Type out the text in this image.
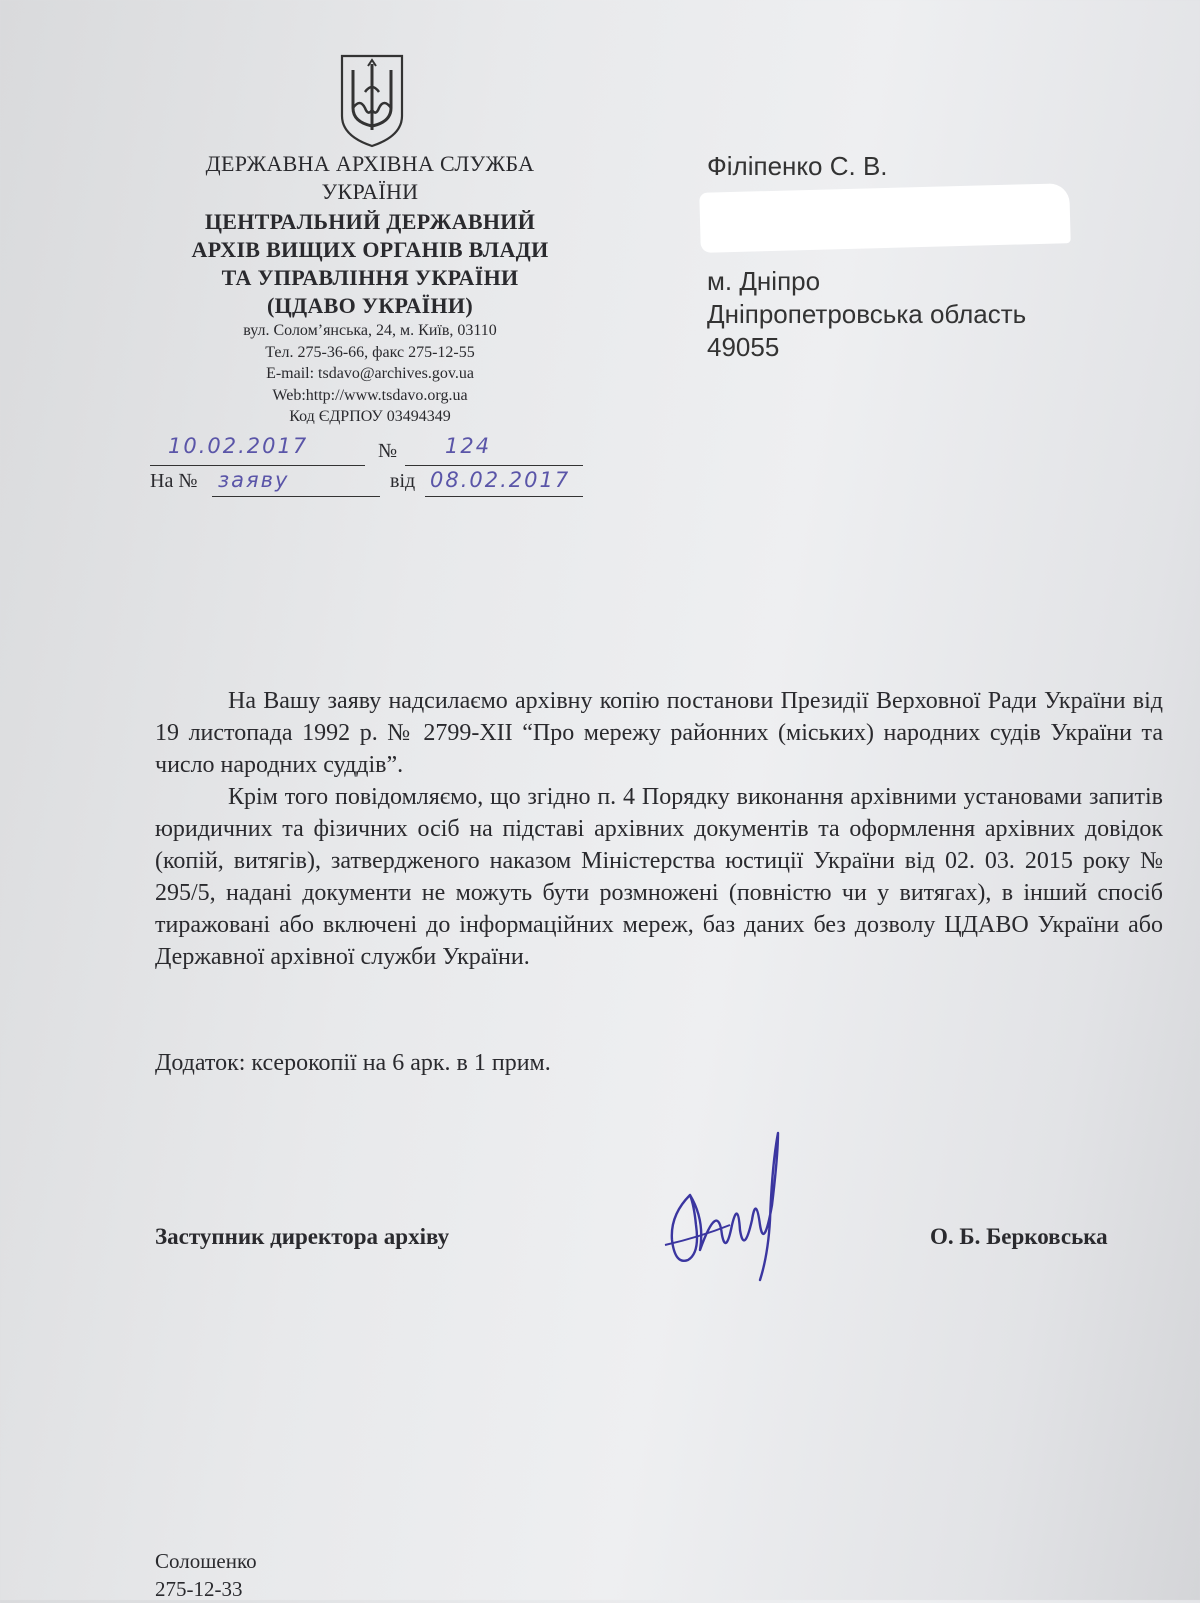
ДЕРЖАВНА АРХІВНА СЛУЖБА
УКРАЇНИ
ЦЕНТРАЛЬНИЙ ДЕРЖАВНИЙ
АРХІВ ВИЩИХ ОРГАНІВ ВЛАДИ
ТА УПРАВЛІННЯ УКРАЇНИ
(ЦДАВО УКРАЇНИ)
вул. Солом’янська, 24, м. Київ, 03110
Тел. 275-36-66, факс 275-12-55
E-mail: tsdavo@archives.gov.ua
Web:http://www.tsdavo.org.ua
Код ЄДРПОУ 03494349
10.02.2017	№ 124
На № заяву	від 08.02.2017
Філіпенко С. В.
м. Дніпро
Дніпропетровська область
49055

На Вашу заяву надсилаємо архівну копію постанови Президії Верховної Ради України від 19 листопада 1992 р. № 2799-XII “Про мережу районних (міських) народних судів України та число народних суддів”.

Крім того повідомляємо, що згідно п. 4 Порядку виконання архівними установами запитів юридичних та фізичних осіб на підставі архівних документів та оформлення архівних довідок (копій, витягів), затвердженого наказом Міністерства юстиції України від 02. 03. 2015 року № 295/5, надані документи не можуть бути розмножені (повністю чи у витягах), в інший спосіб тиражовані або включені до інформаційних мереж, баз даних без дозволу ЦДАВО України або Державної архівної служби України.

Додаток: ксерокопії на 6 арк. в 1 прим.
Заступник директора архіву	О. Б. Берковська
Солошенко
275-12-33
